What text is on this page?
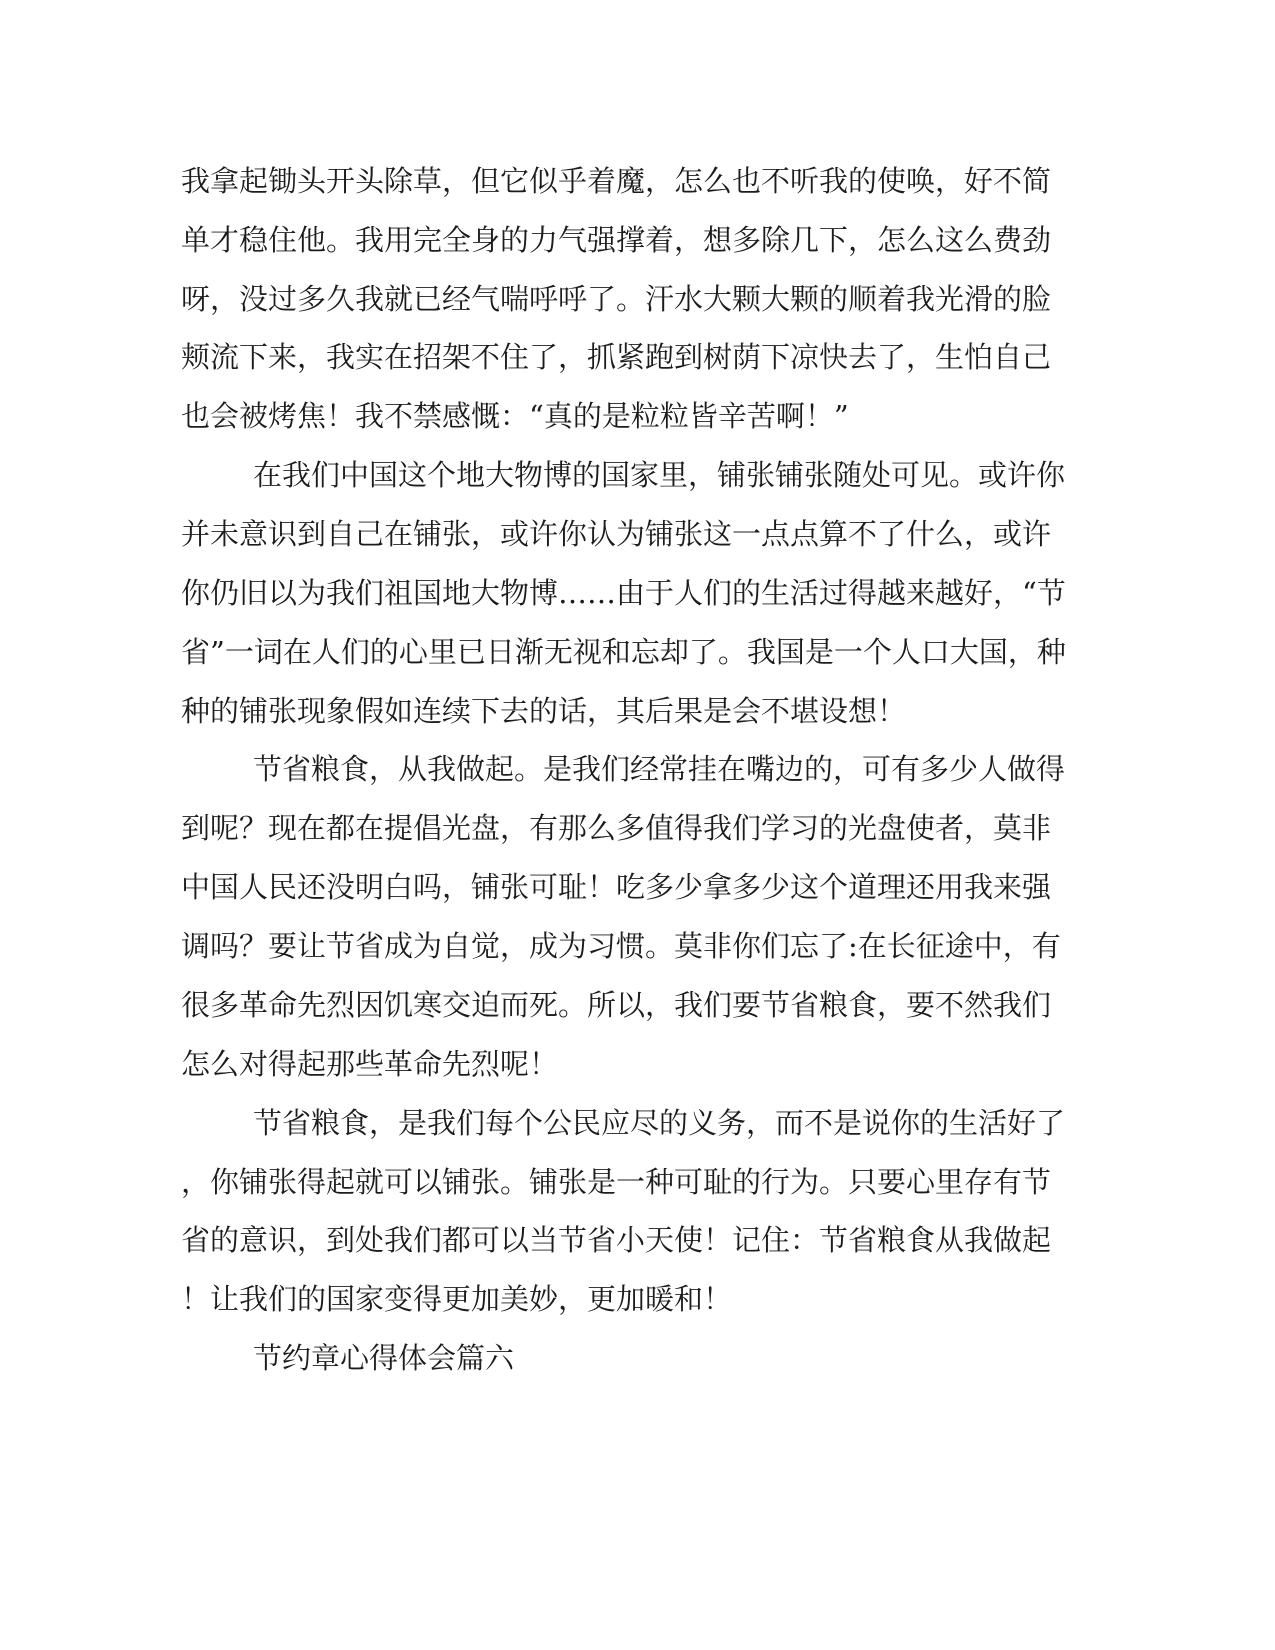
我拿起锄头开头除草，但它似乎着魔，怎么也不听我的使唤，好不简
单才稳住他。我用完全身的力气强撑着，想多除几下，怎么这么费劲
呀，没过多久我就已经气喘呼呼了。汗水大颗大颗的顺着我光滑的脸
颊流下来，我实在招架不住了，抓紧跑到树荫下凉快去了，生怕自己
也会被烤焦！我不禁感慨：“真的是粒粒皆辛苦啊！”
在我们中国这个地大物博的国家里，铺张铺张随处可见。或许你
并未意识到自己在铺张，或许你认为铺张这一点点算不了什么，或许
你仍旧以为我们祖国地大物博……由于人们的生活过得越来越好，“节
省”一词在人们的心里已日渐无视和忘却了。我国是一个人口大国，种
种的铺张现象假如连续下去的话，其后果是会不堪设想！
节省粮食，从我做起。是我们经常挂在嘴边的，可有多少人做得
到呢？现在都在提倡光盘，有那么多值得我们学习的光盘使者，莫非
中国人民还没明白吗，铺张可耻！吃多少拿多少这个道理还用我来强
调吗？要让节省成为自觉，成为习惯。莫非你们忘了:在长征途中，有
很多革命先烈因饥寒交迫而死。所以，我们要节省粮食，要不然我们
怎么对得起那些革命先烈呢！
节省粮食，是我们每个公民应尽的义务，而不是说你的生活好了
，你铺张得起就可以铺张。铺张是一种可耻的行为。只要心里存有节
省的意识，到处我们都可以当节省小天使！记住：节省粮食从我做起
！让我们的国家变得更加美妙，更加暖和！
节约章心得体会篇六
